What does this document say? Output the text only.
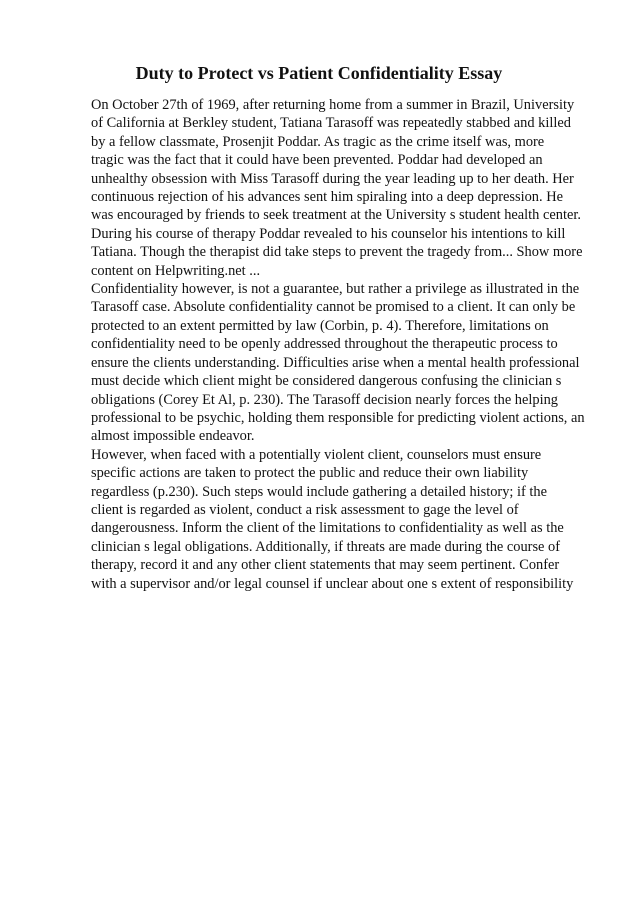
Duty to Protect vs Patient Confidentiality Essay
On October 27th of 1969, after returning home from a summer in Brazil, University
of California at Berkley student, Tatiana Tarasoff was repeatedly stabbed and killed
by a fellow classmate, Prosenjit Poddar. As tragic as the crime itself was, more
tragic was the fact that it could have been prevented. Poddar had developed an
unhealthy obsession with Miss Tarasoff during the year leading up to her death. Her
continuous rejection of his advances sent him spiraling into a deep depression. He
was encouraged by friends to seek treatment at the University s student health center.
During his course of therapy Poddar revealed to his counselor his intentions to kill
Tatiana. Though the therapist did take steps to prevent the tragedy from... Show more
content on Helpwriting.net ...
Confidentiality however, is not a guarantee, but rather a privilege as illustrated in the
Tarasoff case. Absolute confidentiality cannot be promised to a client. It can only be
protected to an extent permitted by law (Corbin, p. 4). Therefore, limitations on
confidentiality need to be openly addressed throughout the therapeutic process to
ensure the clients understanding. Difficulties arise when a mental health professional
must decide which client might be considered dangerous confusing the clinician s
obligations (Corey Et Al, p. 230). The Tarasoff decision nearly forces the helping
professional to be psychic, holding them responsible for predicting violent actions, an
almost impossible endeavor.
However, when faced with a potentially violent client, counselors must ensure
specific actions are taken to protect the public and reduce their own liability
regardless (p.230). Such steps would include gathering a detailed history; if the
client is regarded as violent, conduct a risk assessment to gage the level of
dangerousness. Inform the client of the limitations to confidentiality as well as the
clinician s legal obligations. Additionally, if threats are made during the course of
therapy, record it and any other client statements that may seem pertinent. Confer
with a supervisor and/or legal counsel if unclear about one s extent of responsibility
